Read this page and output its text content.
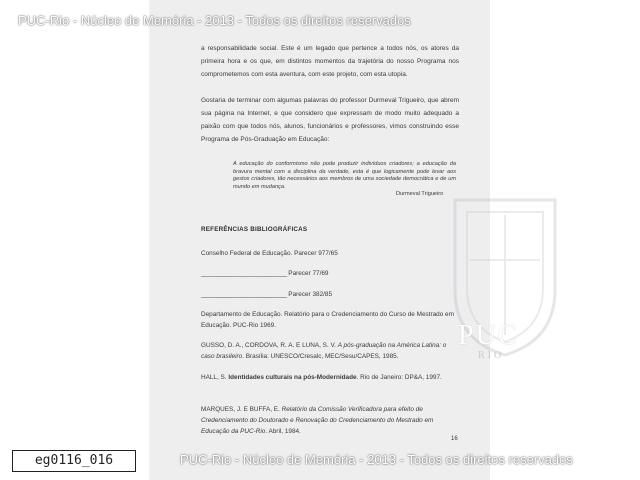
PUC
RIO

a responsabilidade social. Este é um legado que pertence a todos nós, os atores da primeira hora e os que, em distintos momentos da trajetória do nosso Programa nos comprometemos com esta aventura, com este projeto, com esta utopia.

Gostaria de terminar com algumas palavras do professor Durmeval Trigueiro, que abrem sua página na Internet, e que considero que expressam de modo muito adequado a paixão com que todos nós, alunos, funcionários e professores, vimos construindo esse Programa de Pós-Graduação em Educação:

A educação do conformismo não pode produzir indivíduos criadores; a educação da bravura mental com a disciplina da verdade, esta é que logicamente pode levar aos gestos criadores, tão necessários aos membros de uma sociedade democrática e de um mundo em mudança.
Durmeval Trigueiro
REFERÊNCIAS BIBLIOGRÁFICAS
Conselho Federal de Educação. Parecer 977/65
____________________________ Parecer 77/69
____________________________ Parecer 382/85
Departamento de Educação. Relatório para o Credenciamento do Curso de Mestrado em Educação. PUC-Rio 1969.
GUSSO, D. A., CORDOVA, R. A. E LUNA, S. V. A pós-graduação na América Latina: o caso brasileiro. Brasília: UNESCO/Cresalc, MEC/Sesu/CAPES, 1985.
HALL, S. Identidades culturais na pós-Modernidade. Rio de Janeiro: DP&A, 1997.
MARQUES, J. E BUFFA, E. Relatório da Comissão Verificadora para efeito de Credenciamento do Doutorado e Renovação do Credenciamento do Mestrado em Educação da PUC-Rio. Abril, 1984.
16
PUC-Rio - Núcleo de Memória - 2013 - Todos os direitos reservados
PUC-Rio - Núcleo de Memória - 2013 - Todos os direitos reservados
eg0116_016
